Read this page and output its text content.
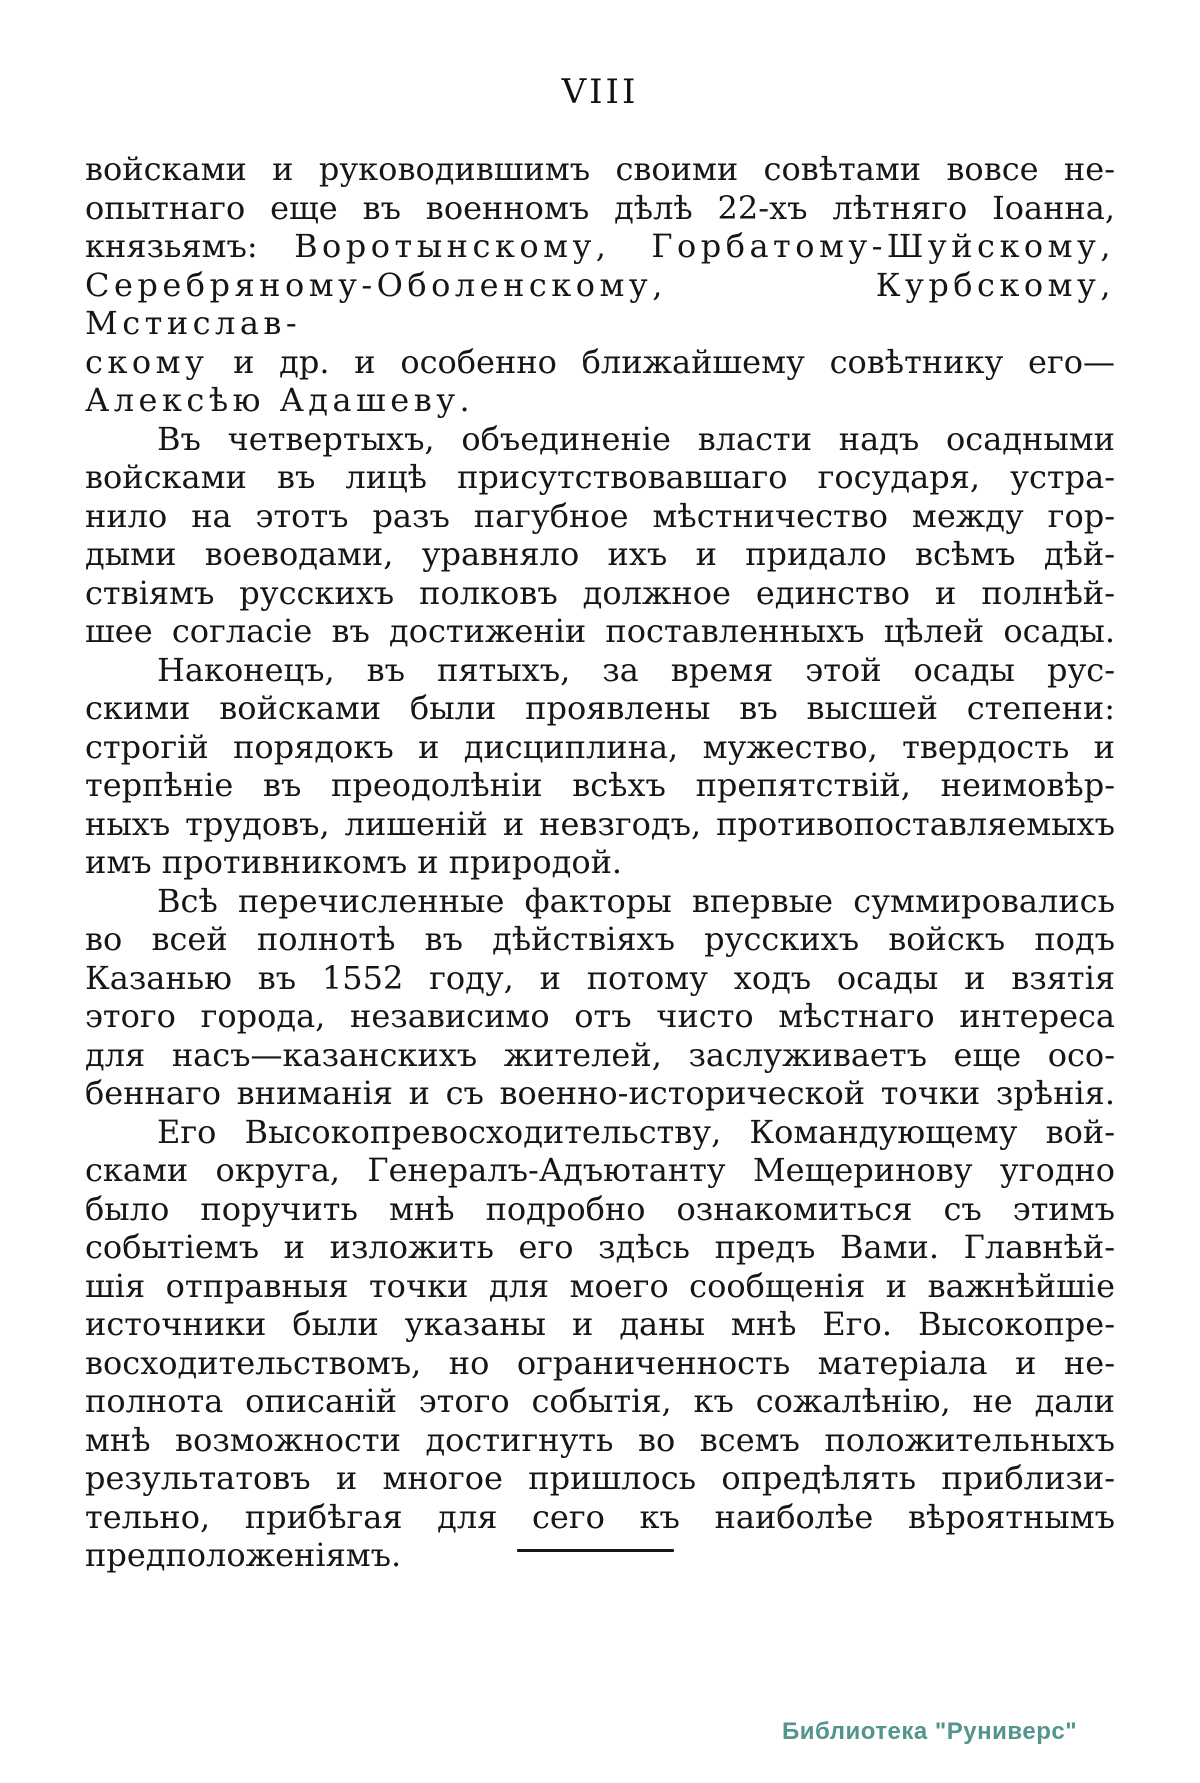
VIII
войсками и руководившимъ своими совѣтами вовсе не-
опытнаго еще въ военномъ дѣлѣ 22-хъ лѣтняго Іоанна,
князьямъ: Воротынскому, Горбатому-Шуйскому,
Серебряному-Оболенскому, Курбскому, Мстислав-
скому и др. и особенно ближайшему совѣтнику его—
Алексѣю Адашеву.
Въ четвертыхъ, объединеніе власти надъ осадными
войсками въ лицѣ присутствовавшаго государя, устра-
нило на этотъ разъ пагубное мѣстничество между гор-
дыми воеводами, уравняло ихъ и придало всѣмъ дѣй-
ствіямъ русскихъ полковъ должное единство и полнѣй-
шее согласіе въ достиженіи поставленныхъ цѣлей осады.
Наконецъ, въ пятыхъ, за время этой осады рус-
скими войсками были проявлены въ высшей степени:
строгій порядокъ и дисциплина, мужество, твердость и
терпѣніе въ преодолѣніи всѣхъ препятствій, неимовѣр-
ныхъ трудовъ, лишеній и невзгодъ, противопоставляемыхъ
имъ противникомъ и природой.
Всѣ перечисленные факторы впервые суммировались
во всей полнотѣ въ дѣйствіяхъ русскихъ войскъ подъ
Казанью въ 1552 году, и потому ходъ осады и взятія
этого города, независимо отъ чисто мѣстнаго интереса
для насъ—казанскихъ жителей, заслуживаетъ еще осо-
беннаго вниманія и съ военно-исторической точки зрѣнія.
Его Высокопревосходительству, Командующему вой-
сками округа, Генералъ-Адъютанту Мещеринову угодно
было поручить мнѣ подробно ознакомиться съ этимъ
событіемъ и изложить его здѣсь предъ Вами. Главнѣй-
шія отправныя точки для моего сообщенія и важнѣйшіе
источники были указаны и даны мнѣ Его. Высокопре-
восходительствомъ, но ограниченность матеріала и не-
полнота описаній этого событія, къ сожалѣнію, не дали
мнѣ возможности достигнуть во всемъ положительныхъ
результатовъ и многое пришлось опредѣлять приблизи-
тельно, прибѣгая для сего къ наиболѣе вѣроятнымъ
предположеніямъ.
Библиотека "Руниверс"
